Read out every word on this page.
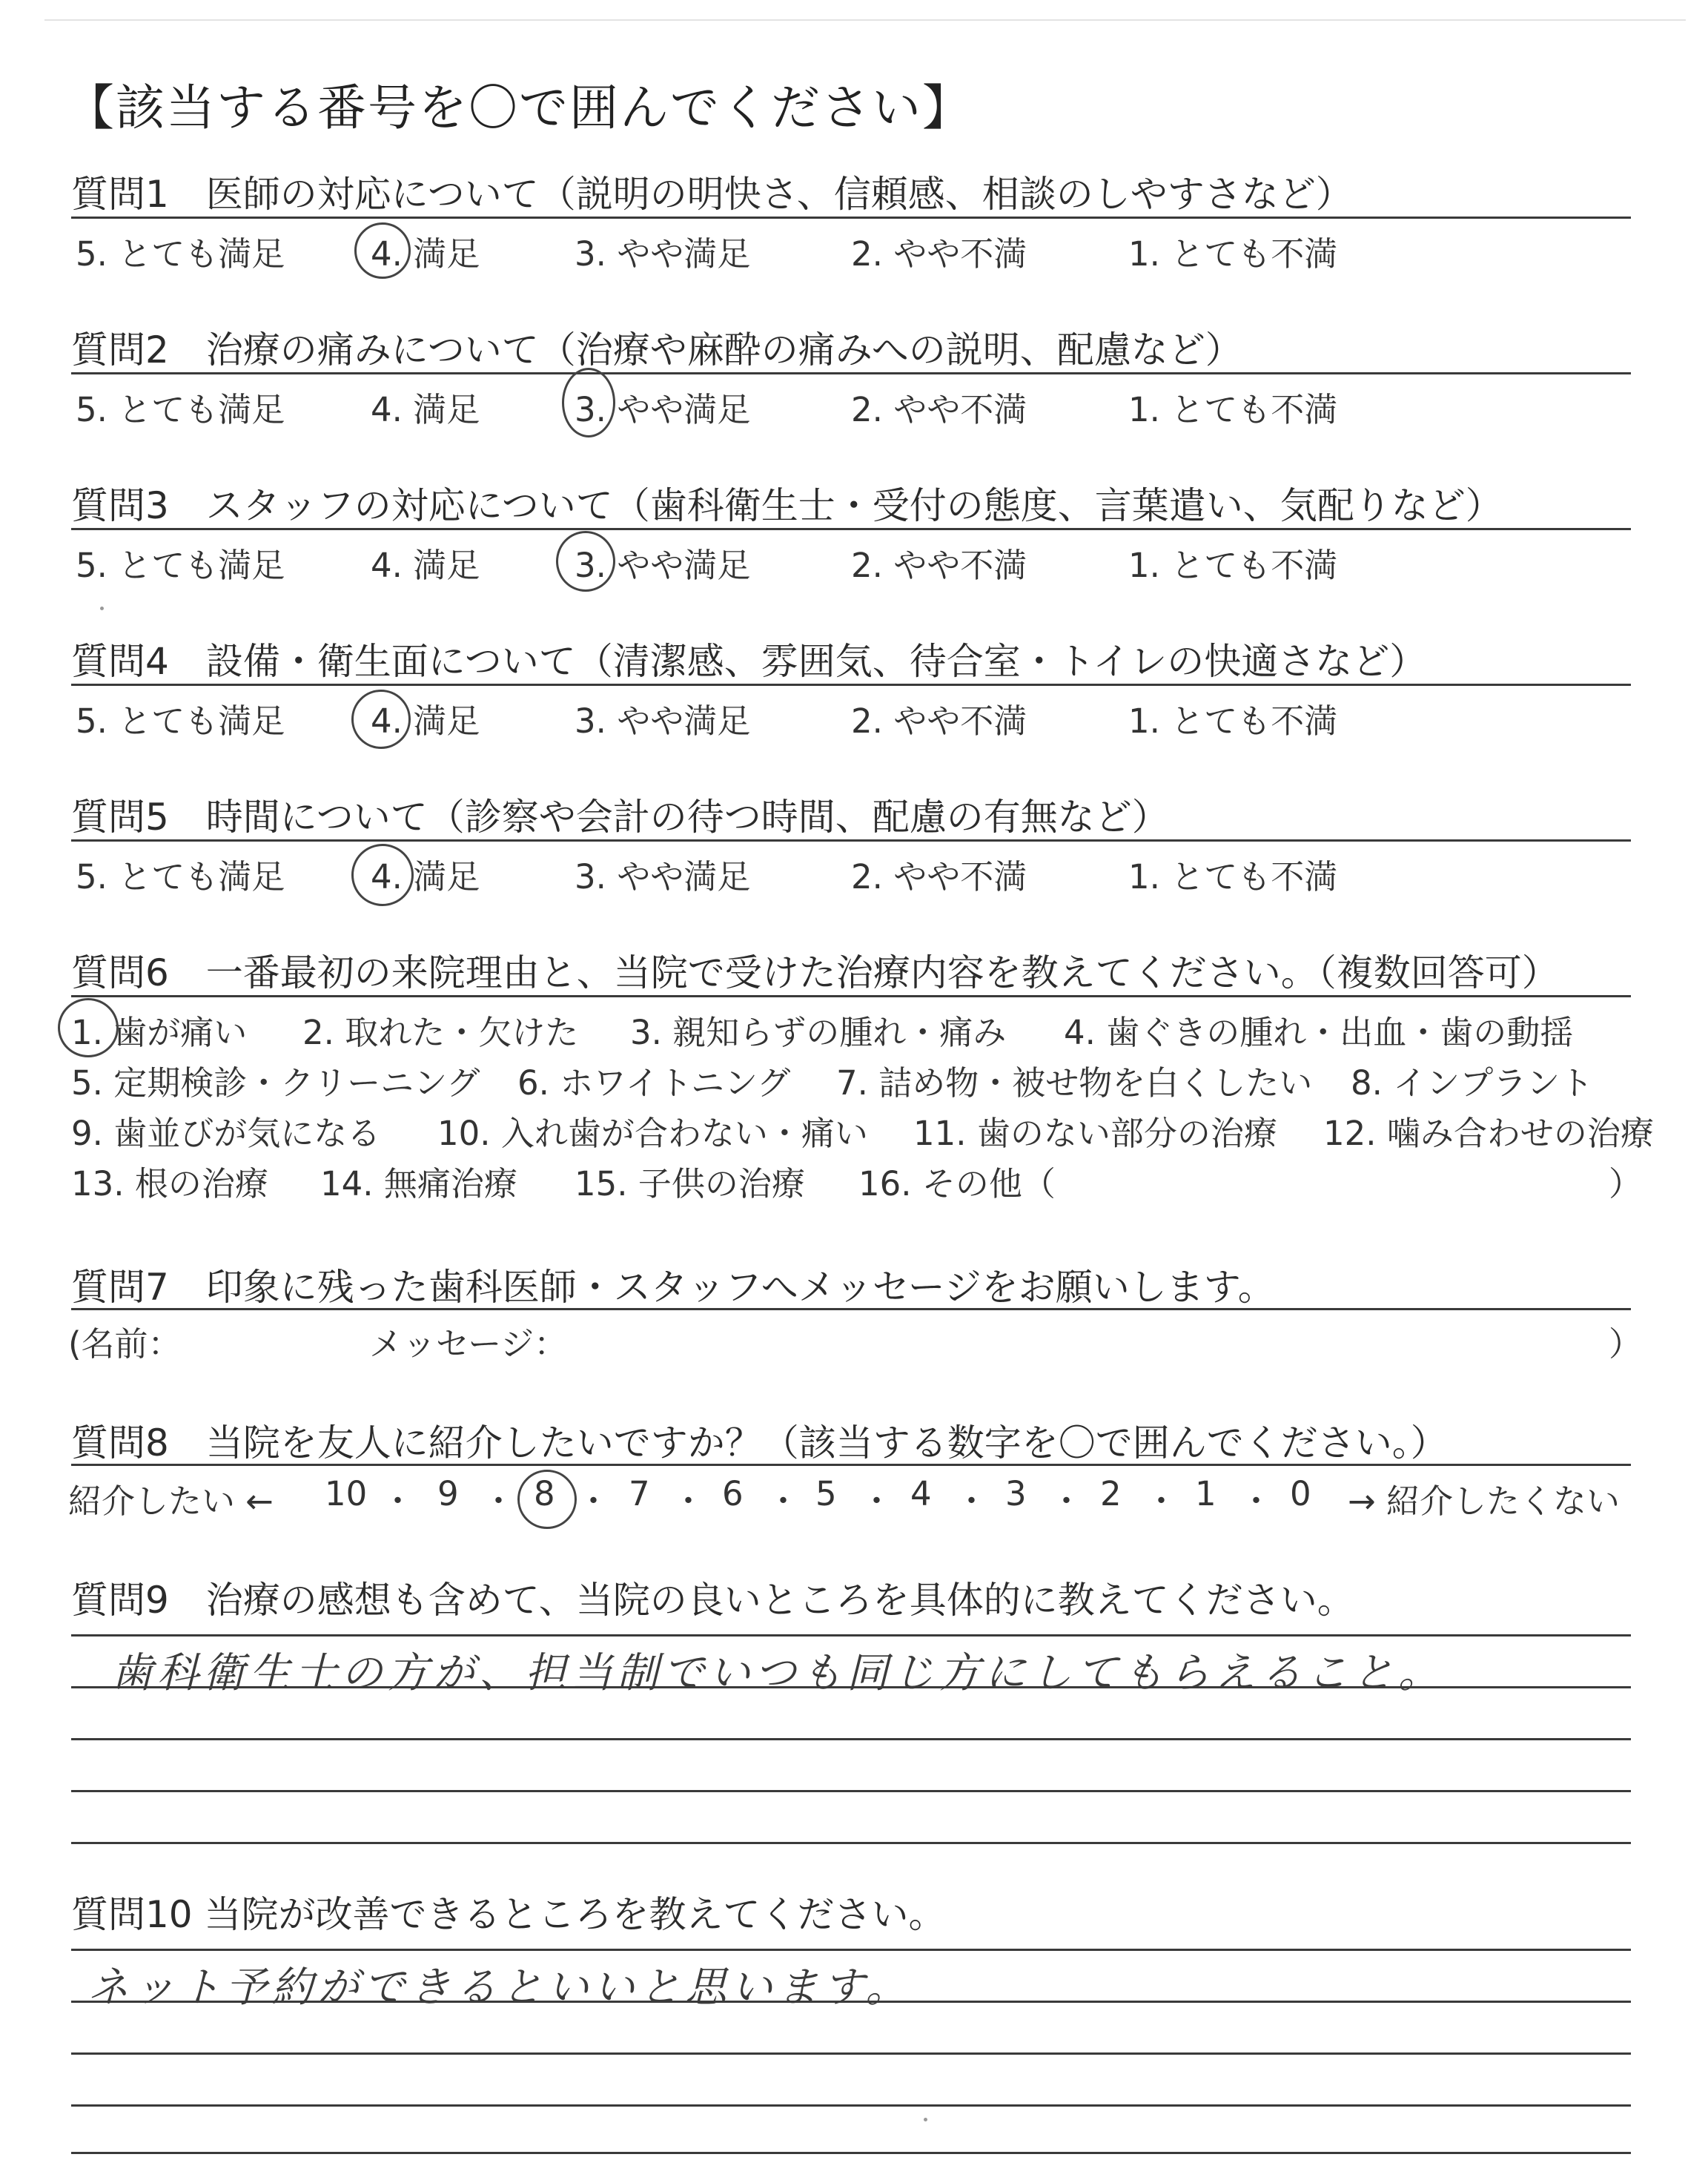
【該当する番号を〇で囲んでください】
質問1　医師の対応について（説明の明快さ、信頼感、相談のしやすさなど）
5. とても満足	4. 満足	3. やや満足	2. やや不満	1. とても不満
質問2　治療の痛みについて（治療や麻酔の痛みへの説明、配慮など）
5. とても満足	4. 満足	3. やや満足	2. やや不満	1. とても不満
質問3　スタッフの対応について（歯科衛生士・受付の態度、言葉遣い、気配りなど）
5. とても満足	4. 満足	3. やや満足	2. やや不満	1. とても不満
質問4　設備・衛生面について（清潔感、雰囲気、待合室・トイレの快適さなど）
5. とても満足	4. 満足	3. やや満足	2. やや不満	1. とても不満
質問5　時間について（診察や会計の待つ時間、配慮の有無など）
5. とても満足	4. 満足	3. やや満足	2. やや不満	1. とても不満
質問6　一番最初の来院理由と、当院で受けた治療内容を教えてください。（複数回答可）
1. 歯が痛い 2. 取れた・欠けた 3. 親知らずの腫れ・痛み 4. 歯ぐきの腫れ・出血・歯の動揺
5. 定期検診・クリーニング 6. ホワイトニング 7. 詰め物・被せ物を白くしたい 8. インプラント
9. 歯並びが気になる 10. 入れ歯が合わない・痛い 11. 歯のない部分の治療 12. 噛み合わせの治療
13. 根の治療 14. 無痛治療 15. 子供の治療 16. その他（	）
質問7　印象に残った歯科医師・スタッフへメッセージをお願いします。
(名前：	メッセージ：	）
質問8　当院を友人に紹介したいですか？（該当する数字を〇で囲んでください。）
紹介したい ← 10 ・ 9 ・ 8 ・ 7 ・ 6 ・ 5 ・ 4 ・ 3 ・ 2 ・ 1 ・ 0 → 紹介したくない
質問9　治療の感想も含めて、当院の良いところを具体的に教えてください。
歯科衛生士の方が、担当制でいつも同じ方にしてもらえること。
質問10 当院が改善できるところを教えてください。
ネット予約ができるといいと思います。
